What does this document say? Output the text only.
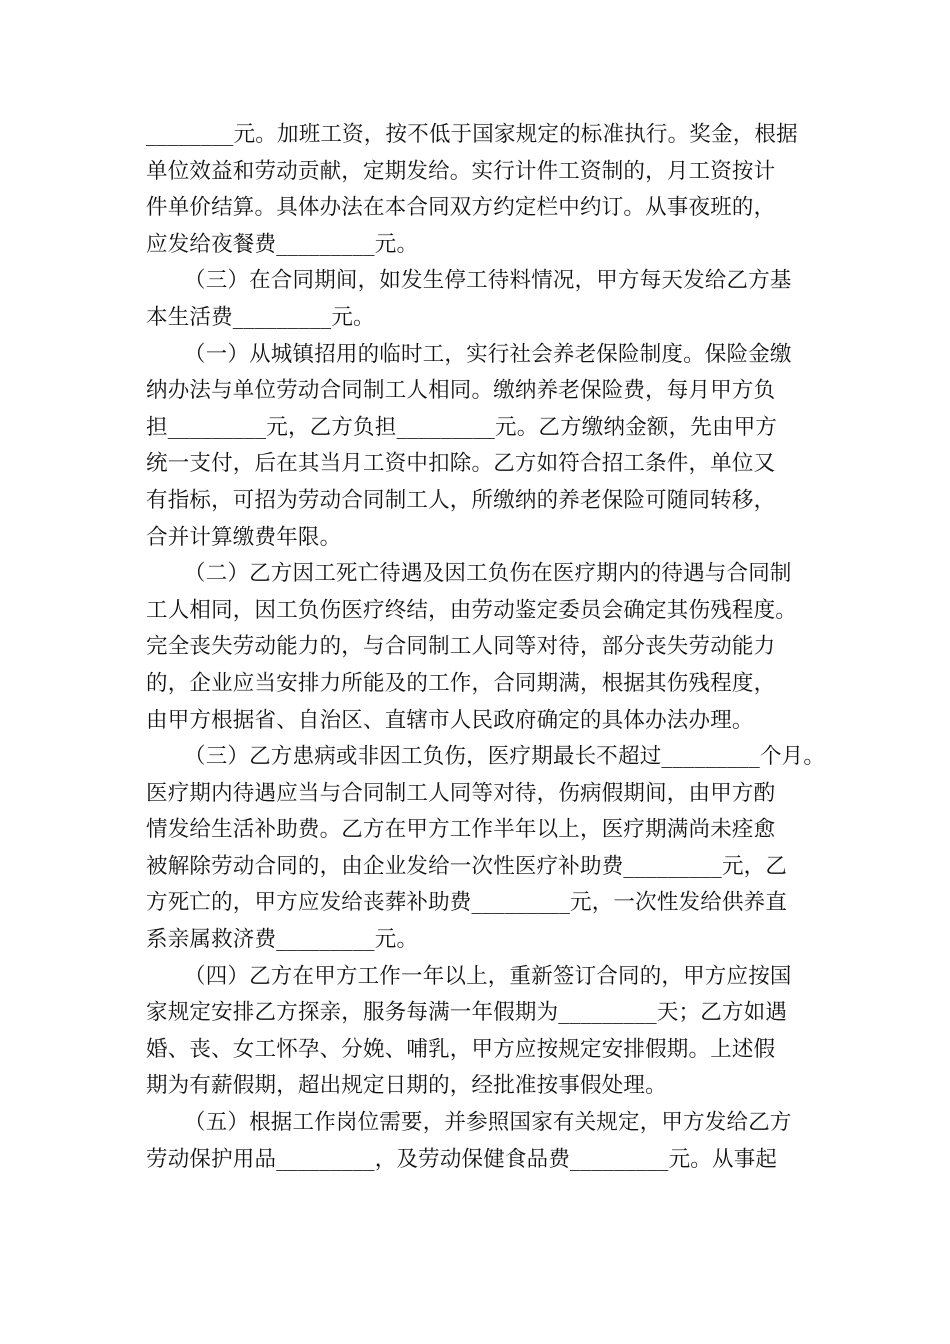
________元。加班工资，按不低于国家规定的标准执行。奖金，根据
单位效益和劳动贡献，定期发给。实行计件工资制的，月工资按计
件单价结算。具体办法在本合同双方约定栏中约订。从事夜班的，
应发给夜餐费_________元。
（三）在合同期间，如发生停工待料情况，甲方每天发给乙方基
本生活费_________元。
（一）从城镇招用的临时工，实行社会养老保险制度。保险金缴
纳办法与单位劳动合同制工人相同。缴纳养老保险费，每月甲方负
担_________元，乙方负担_________元。乙方缴纳金额，先由甲方
统一支付，后在其当月工资中扣除。乙方如符合招工条件，单位又
有指标，可招为劳动合同制工人，所缴纳的养老保险可随同转移，
合并计算缴费年限。
（二）乙方因工死亡待遇及因工负伤在医疗期内的待遇与合同制
工人相同，因工负伤医疗终结，由劳动鉴定委员会确定其伤残程度。
完全丧失劳动能力的，与合同制工人同等对待，部分丧失劳动能力
的，企业应当安排力所能及的工作，合同期满，根据其伤残程度，
由甲方根据省、自治区、直辖市人民政府确定的具体办法办理。
（三）乙方患病或非因工负伤，医疗期最长不超过_________个月。
医疗期内待遇应当与合同制工人同等对待，伤病假期间，由甲方酌
情发给生活补助费。乙方在甲方工作半年以上，医疗期满尚未痊愈
被解除劳动合同的，由企业发给一次性医疗补助费_________元，乙
方死亡的，甲方应发给丧葬补助费_________元，一次性发给供养直
系亲属救济费_________元。
（四）乙方在甲方工作一年以上，重新签订合同的，甲方应按国
家规定安排乙方探亲，服务每满一年假期为_________天；乙方如遇
婚、丧、女工怀孕、分娩、哺乳，甲方应按规定安排假期。上述假
期为有薪假期，超出规定日期的，经批准按事假处理。
（五）根据工作岗位需要，并参照国家有关规定，甲方发给乙方
劳动保护用品_________，及劳动保健食品费_________元。从事起
